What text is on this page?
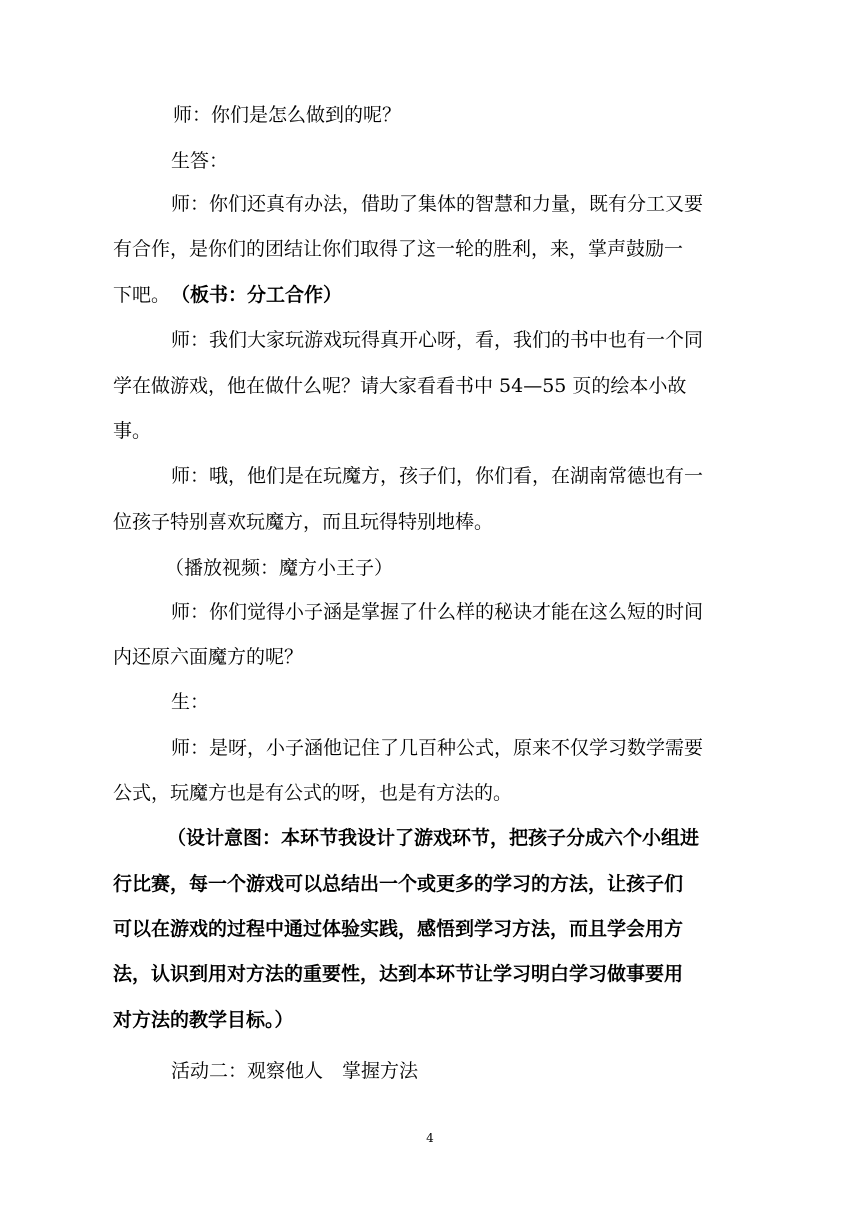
师：你们是怎么做到的呢？
生答：
师：你们还真有办法，借助了集体的智慧和力量，既有分工又要
有合作，是你们的团结让你们取得了这一轮的胜利，来，掌声鼓励一
下吧。 （板书：分工合作）
师：我们大家玩游戏玩得真开心呀，看，我们的书中也有一个同
学在做游戏，他在做什么呢？请大家看看书中 54—55 页的绘本小故
事。
师：哦，他们是在玩魔方，孩子们，你们看，在湖南常德也有一
位孩子特别喜欢玩魔方，而且玩得特别地棒。
（播放视频：魔方小王子）
师：你们觉得小子涵是掌握了什么样的秘诀才能在这么短的时间
内还原六面魔方的呢？
生：
师：是呀，小子涵他记住了几百种公式，原来不仅学习数学需要
公式，玩魔方也是有公式的呀，也是有方法的。
（设计意图：本环节我设计了游戏环节，把孩子分成六个小组进
行比赛，每一个游戏可以总结出一个或更多的学习的方法，让孩子们
可以在游戏的过程中通过体验实践，感悟到学习方法，而且学会用方
法，认识到用对方法的重要性，达到本环节让学习明白学习做事要用
对方法的教学目标。）
活动二：观察他人　掌握方法
4
